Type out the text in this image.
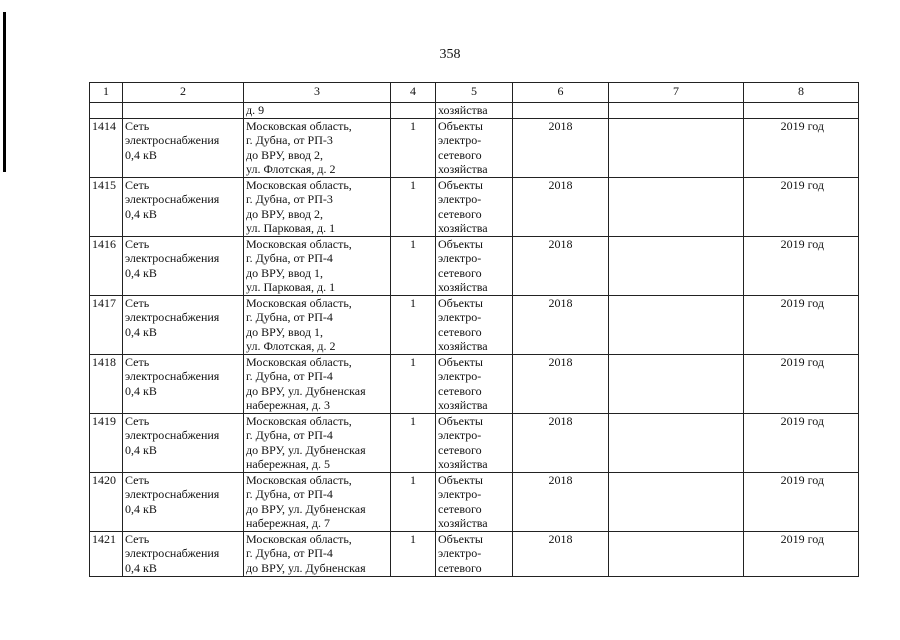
358
1	2	3	4	5	6	7	8
		д. 9		хозяйства			
1414	Сеть
электроснабжения
0,4 кВ	Московская область,
г. Дубна, от РП-3
до ВРУ, ввод 2,
ул. Флотская, д. 2	1	Объекты
электро-
сетевого
хозяйства	2018		2019 год
1415	Сеть
электроснабжения
0,4 кВ	Московская область,
г. Дубна, от РП-3
до ВРУ, ввод 2,
ул. Парковая, д. 1	1	Объекты
электро-
сетевого
хозяйства	2018		2019 год
1416	Сеть
электроснабжения
0,4 кВ	Московская область,
г. Дубна, от РП-4
до ВРУ, ввод 1,
ул. Парковая, д. 1	1	Объекты
электро-
сетевого
хозяйства	2018		2019 год
1417	Сеть
электроснабжения
0,4 кВ	Московская область,
г. Дубна, от РП-4
до ВРУ, ввод 1,
ул. Флотская, д. 2	1	Объекты
электро-
сетевого
хозяйства	2018		2019 год
1418	Сеть
электроснабжения
0,4 кВ	Московская область,
г. Дубна, от РП-4
до ВРУ, ул. Дубненская
набережная, д. 3	1	Объекты
электро-
сетевого
хозяйства	2018		2019 год
1419	Сеть
электроснабжения
0,4 кВ	Московская область,
г. Дубна, от РП-4
до ВРУ, ул. Дубненская
набережная, д. 5	1	Объекты
электро-
сетевого
хозяйства	2018		2019 год
1420	Сеть
электроснабжения
0,4 кВ	Московская область,
г. Дубна, от РП-4
до ВРУ, ул. Дубненская
набережная, д. 7	1	Объекты
электро-
сетевого
хозяйства	2018		2019 год
1421	Сеть
электроснабжения
0,4 кВ	Московская область,
г. Дубна, от РП-4
до ВРУ, ул. Дубненская	1	Объекты
электро-
сетевого	2018		2019 год
